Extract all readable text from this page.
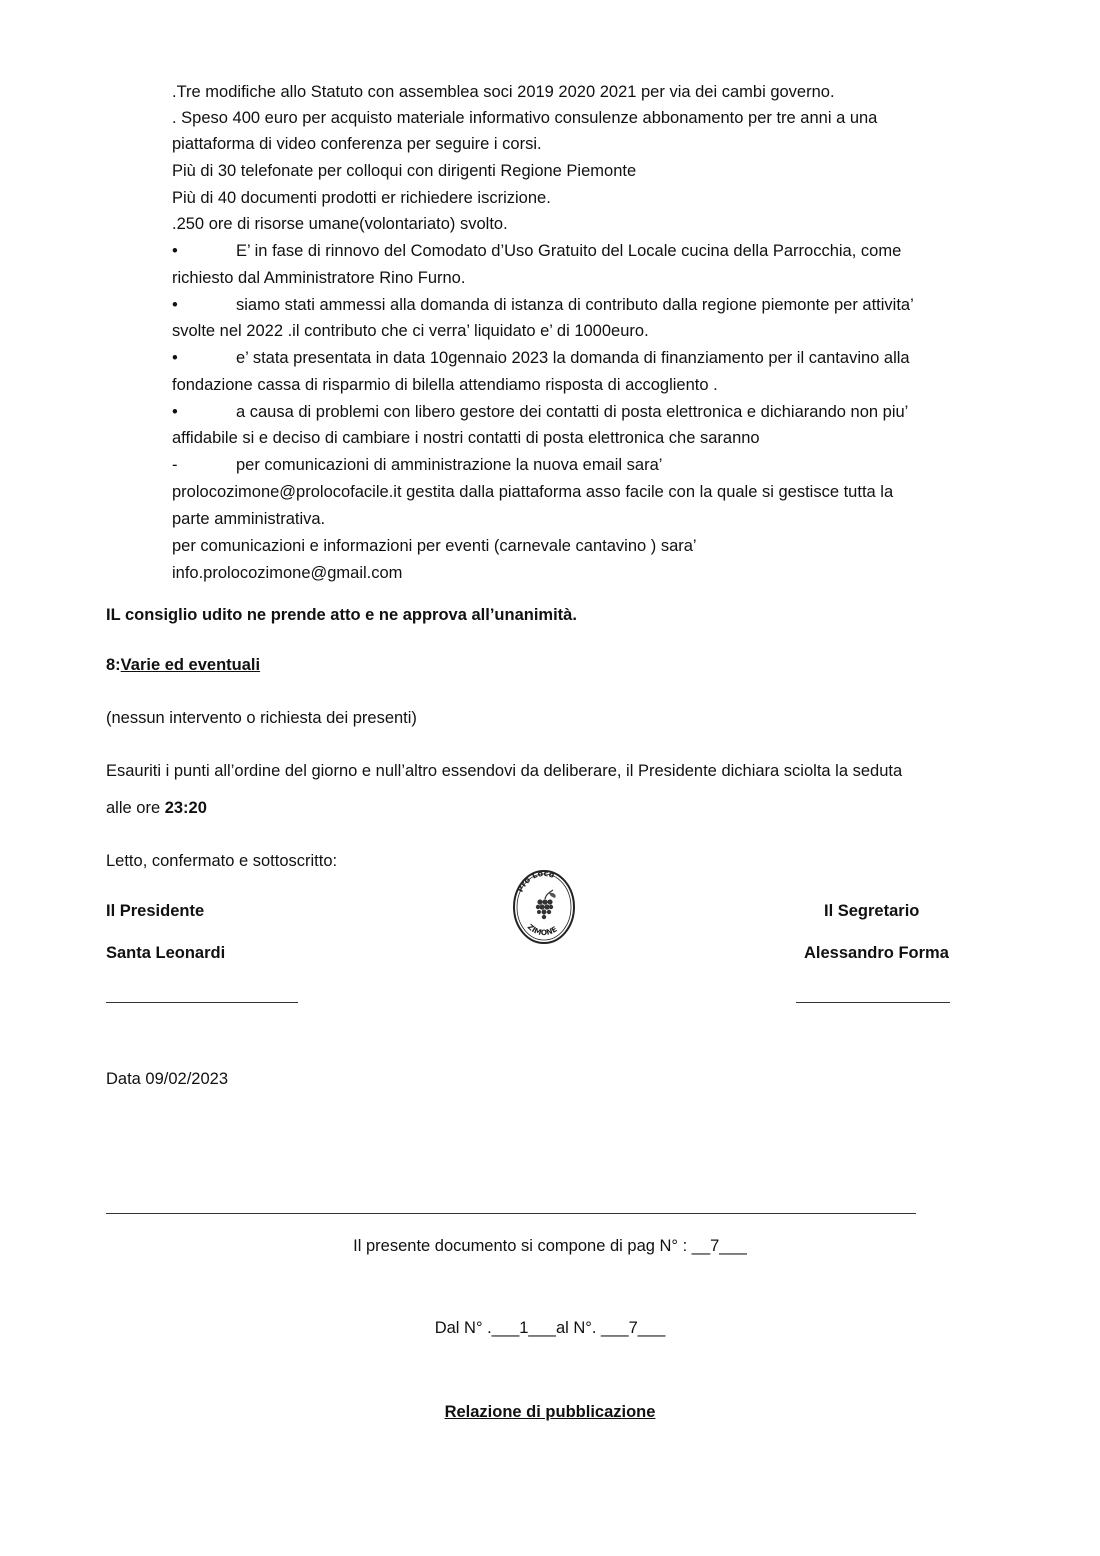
.Tre modifiche allo Statuto con assemblea soci 2019 2020 2021 per via dei cambi governo.
. Speso 400 euro per acquisto materiale informativo consulenze abbonamento per tre anni a una
piattaforma di video conferenza per seguire i corsi.
Più di 30 telefonate per colloqui con dirigenti Regione Piemonte
Più di 40 documenti prodotti er richiedere iscrizione.
.250 ore di risorse umane(volontariato) svolto.
•	E’ in fase di rinnovo del Comodato d’Uso Gratuito del Locale cucina della Parrocchia, come
richiesto dal Amministratore Rino Furno.
•	siamo stati ammessi alla domanda di istanza di contributo dalla regione piemonte per attivita’
svolte nel 2022 .il contributo che ci verra’ liquidato e’ di 1000euro.
•	e’ stata presentata in data 10gennaio 2023 la domanda di finanziamento per il cantavino alla
fondazione cassa di risparmio di bilella attendiamo risposta di accogliento .
•	a causa di problemi con libero gestore dei contatti di posta elettronica e dichiarando non piu’
affidabile si e deciso di cambiare i nostri contatti di posta elettronica che saranno
-	per comunicazioni di amministrazione la nuova email sara’
prolocozimone@prolocofacile.it gestita dalla piattaforma asso facile con la quale si gestisce tutta la
parte amministrativa.
per comunicazioni e informazioni per eventi (carnevale cantavino ) sara’
info.prolocozimone@gmail.com
IL consiglio udito ne prende atto e ne approva all’unanimità.
8:Varie ed eventuali
(nessun intervento o richiesta dei presenti)
Esauriti i punti all’ordine del giorno e null’altro essendovi da deliberare, il Presidente dichiara sciolta la seduta
alle ore 23:20
Letto, confermato e sottoscritto:
Il Presidente
Santa Leonardi
Il Segretario
Alessandro Forma
Pro Loco
ZIMONE
Data 09/02/2023
Il presente documento si compone di pag N° : __7___
Dal N° .___1___al N°. ___7___
Relazione di pubblicazione
